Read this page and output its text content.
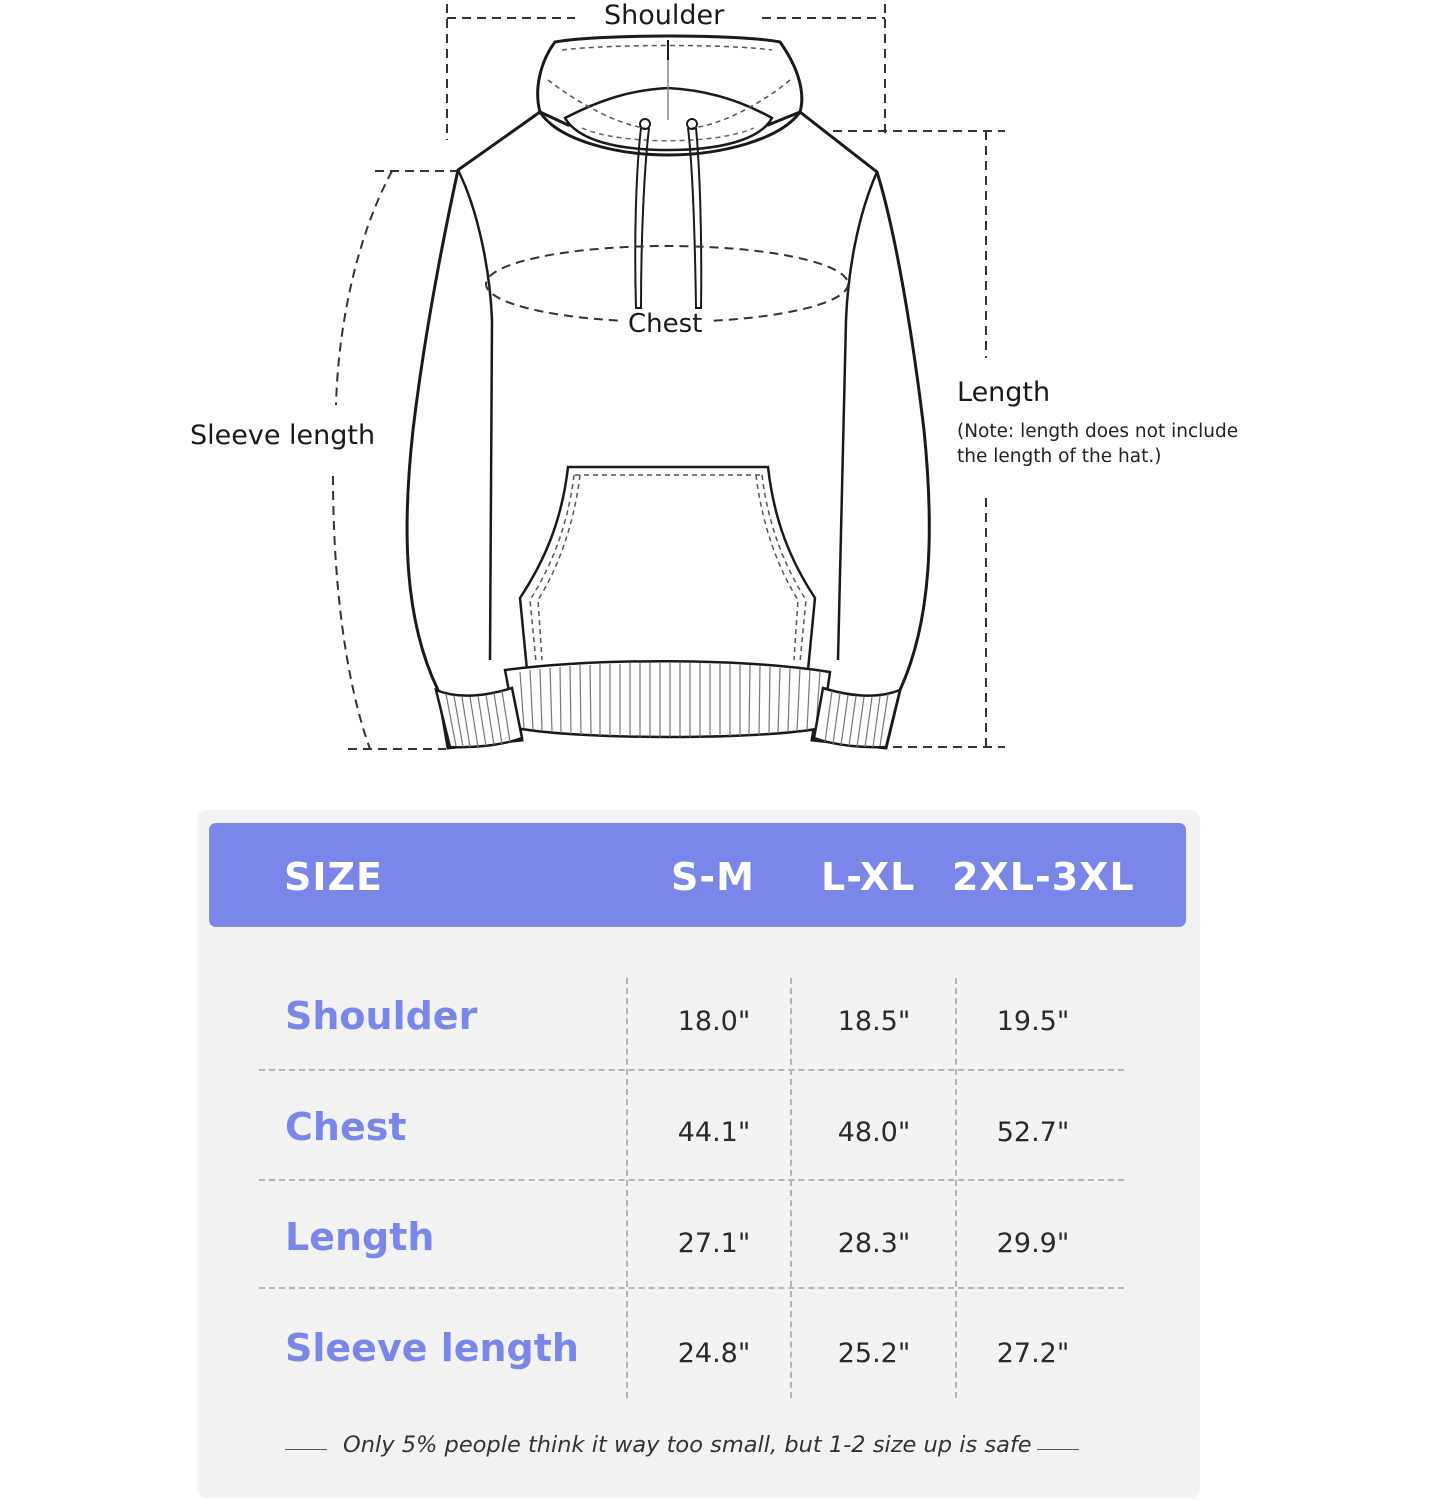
Shoulder
Chest
Sleeve length
Length
(Note: length does not include the length of the hat.)
SIZE	S-M L-XL 2XL-3XL
Shoulder	18.0"	18.5"	19.5"
Chest	44.1"	48.0"	52.7"
Length	27.1"	28.3"	29.9"
Sleeve length	24.8"	25.2"	27.2"
Only 5% people think it way too small, but 1-2 size up is safe
